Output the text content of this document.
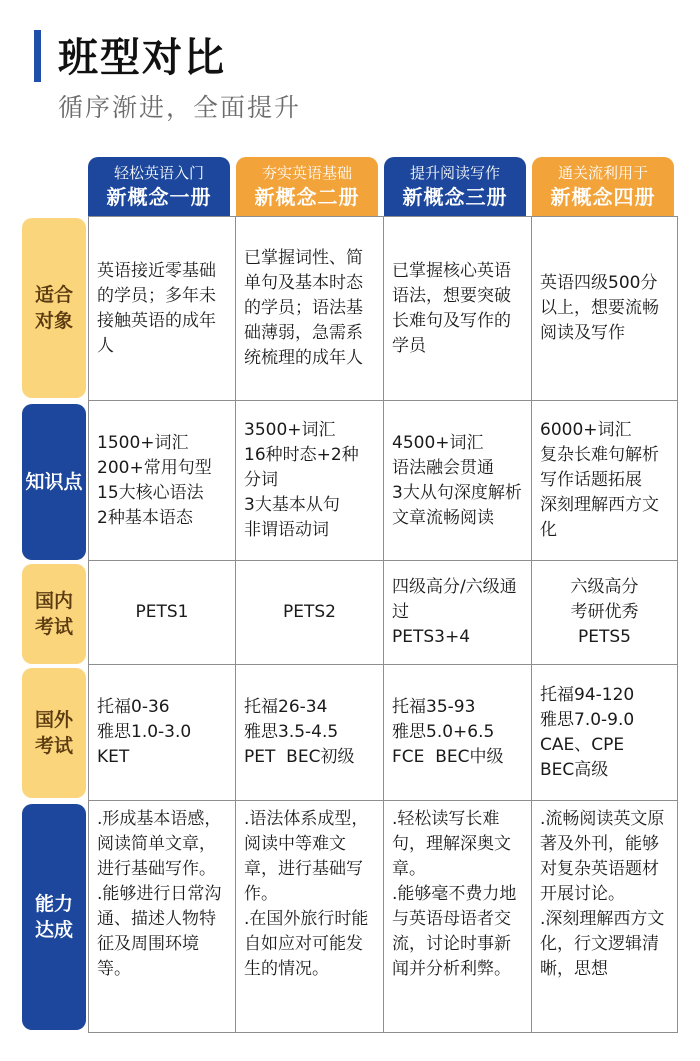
班型对比
循序渐进，全面提升
轻松英语入门
新概念一册
夯实英语基础
新概念二册
提升阅读写作
新概念三册
通关流利用于
新概念四册
适合
对象
英语接近零基础的学员；多年未接触英语的成年人
已掌握词性、简单句及基本时态的学员；语法基础薄弱，急需系统梳理的成年人
已掌握核心英语语法，想要突破长难句及写作的学员
英语四级500分以上，想要流畅阅读及写作
知识点
1500+词汇
200+常用句型
15大核心语法
2种基本语态
3500+词汇
16种时态+2种分词
3大基本从句
非谓语动词
4500+词汇
语法融会贯通
3大从句深度解析
文章流畅阅读
6000+词汇
复杂长难句解析
写作话题拓展
深刻理解西方文化
国内
考试
PETS1	PETS2
四级高分/六级通过
PETS3+4
六级高分
考研优秀
PETS5
国外
考试
托福0-36
雅思1.0-3.0
KET
托福26-34
雅思3.5-4.5
PET  BEC初级
托福35-93
雅思5.0+6.5
FCE  BEC中级
托福94-120
雅思7.0-9.0
CAE、CPE
BEC高级
能力
达成
.形成基本语感，阅读简单文章，进行基础写作。
.能够进行日常沟通、描述人物特征及周围环境等。
.语法体系成型，阅读中等难文章，进行基础写作。
.在国外旅行时能自如应对可能发生的情况。
.轻松读写长难句，理解深奥文章。
.能够毫不费力地与英语母语者交流，讨论时事新闻并分析利弊。
.流畅阅读英文原著及外刊，能够对复杂英语题材开展讨论。
.深刻理解西方文化，行文逻辑清晰，思想
